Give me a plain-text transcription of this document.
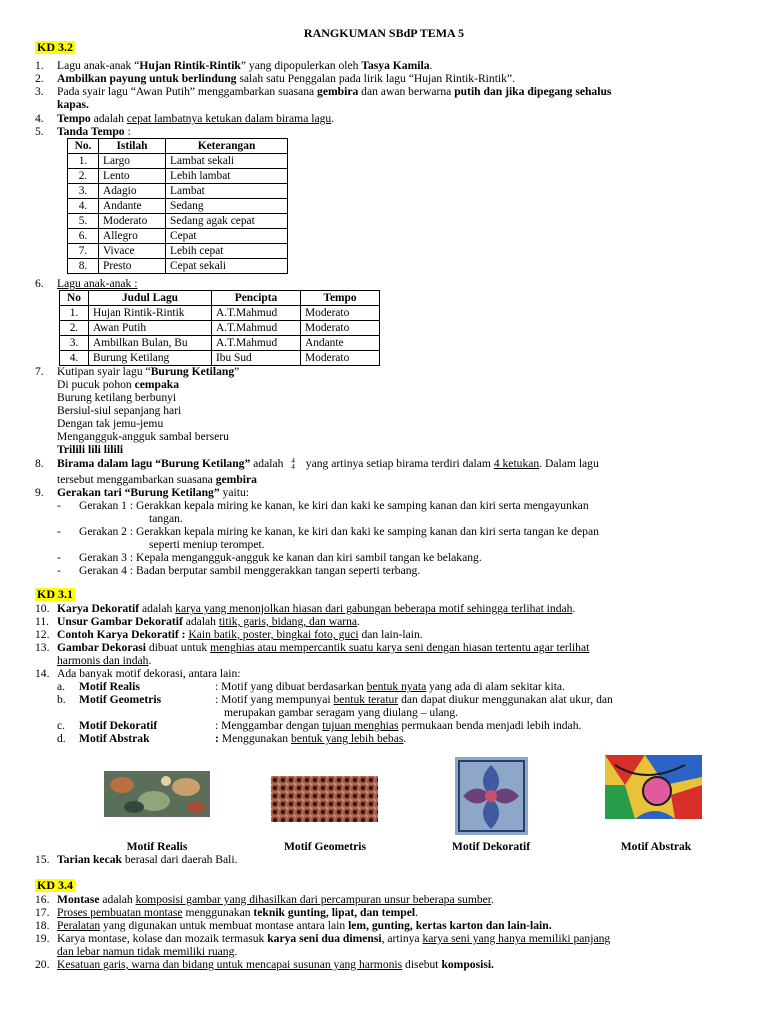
RANGKUMAN SBdP TEMA 5
KD 3.2
1. Lagu anak-anak “Hujan Rintik-Rintik” yang dipopulerkan oleh Tasya Kamila.
2. Ambilkan payung untuk berlindung salah satu Penggalan pada lirik lagu “Hujan Rintik-Rintik”.
3. Pada syair lagu “Awan Putih” menggambarkan suasana gembira dan awan berwarna putih dan jika dipegang sehalus
kapas.
4. Tempo adalah cepat lambatnya ketukan dalam birama lagu.
5. Tanda Tempo :
No.	Istilah	Keterangan
1.	Largo	Lambat sekali
2.	Lento	Lebih lambat
3.	Adagio	Lambat
4.	Andante	Sedang
5.	Moderato	Sedang agak cepat
6.	Allegro	Cepat
7.	Vivace	Lebih cepat
8.	Presto	Cepat sekali
6. Lagu anak-anak :
No	Judul Lagu	Pencipta	Tempo
1.	Hujan Rintik-Rintik	A.T.Mahmud	Moderato
2.	Awan Putih	A.T.Mahmud	Moderato
3.	Ambilkan Bulan, Bu	A.T.Mahmud	Andante
4.	Burung Ketilang	Ibu Sud	Moderato
7. Kutipan syair lagu “Burung Ketilang”
Di pucuk pohon cempaka
Burung ketilang berbunyi
Bersiul-siul sepanjang hari
Dengan tak jemu-jemu
Mengangguk-angguk sambal berseru
Trilili lili lilili
8. Birama dalam lagu “Burung Ketilang” adalah 4
4 yang artinya setiap birama terdiri dalam 4 ketukan. Dalam lagu
tersebut menggambarkan suasana gembira
9. Gerakan tari “Burung Ketilang” yaitu:
- Gerakan 1 : Gerakkan kepala miring ke kanan, ke kiri dan kaki ke samping kanan dan kiri serta mengayunkan
tangan.
- Gerakan 2 : Gerakkan kepala miring ke kanan, ke kiri dan kaki ke samping kanan dan kiri serta tangan ke depan
seperti meniup terompet.
- Gerakan 3 : Kepala mengangguk-angguk ke kanan dan kiri sambil tangan ke belakang.
- Gerakan 4 : Badan berputar sambil menggerakkan tangan seperti terbang.
KD 3.1
10. Karya Dekoratif adalah karya yang menonjolkan hiasan dari gabungan beberapa motif sehingga terlihat indah.
11. Unsur Gambar Dekoratif adalah titik, garis, bidang, dan warna.
12. Contoh Karya Dekoratif : Kain batik, poster, bingkai foto, guci dan lain-lain.
13. Gambar Dekorasi dibuat untuk menghias atau mempercantik suatu karya seni dengan hiasan tertentu agar terlihat
harmonis dan indah.
14. Ada banyak motif dekorasi, antara lain:
a. Motif Realis	: Motif yang dibuat berdasarkan bentuk nyata yang ada di alam sekitar kita.
b. Motif Geometris	: Motif yang mempunyai bentuk teratur dan dapat diukur menggunakan alat ukur, dan
merupakan gambar seragam yang diulang – ulang.
c. Motif Dekoratif	: Menggambar dengan tujuan menghias permukaan benda menjadi lebih indah.
d. Motif Abstrak	: Menggunakan bentuk yang lebih bebas.
Motif Realis	Motif Geometris	Motif Dekoratif	Motif Abstrak
15. Tarian kecak berasal dari daerah Bali.
KD 3.4
16. Montase adalah komposisi gambar yang dihasilkan dari percampuran unsur beberapa sumber.
17. Proses pembuatan montase menggunakan teknik gunting, lipat, dan tempel.
18. Peralatan yang digunakan untuk membuat montase antara lain lem, gunting, kertas karton dan lain-lain.
19. Karya montase, kolase dan mozaik termasuk karya seni dua dimensi, artinya karya seni yang hanya memiliki panjang
dan lebar namun tidak memiliki ruang.
20. Kesatuan garis, warna dan bidang untuk mencapai susunan yang harmonis disebut komposisi.
